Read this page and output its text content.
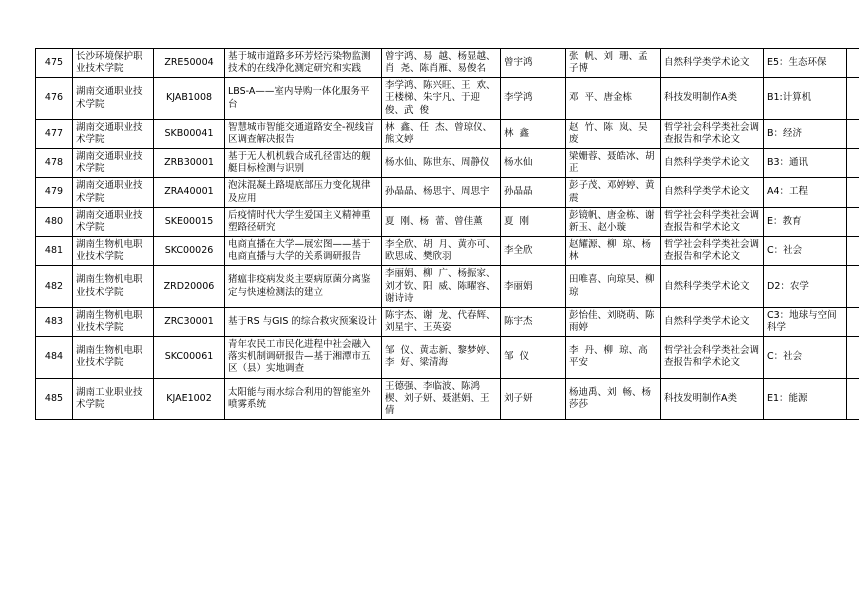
475	长沙环境保护职业技术学院	ZRE50004	基于城市道路多环芳烃污染物监测技术的在线净化测定研究和实践	曾宇鸿、易  越、杨显越、肖  尧、陈肖雁、易俊名	曾宇鸿	张  帆、刘  珊、孟子博	自然科学类学术论文	E5：生态环保	

476	湖南交通职业技术学院	KJAB1008	LBS-A——室内导购一体化服务平台	李学鸿、陈兴旺、王  欢、王楼梯、朱宇凡、于迎俊、武  俊	李学鸿	邓  平、唐金栋	科技发明制作A类	B1:计算机	

477	湖南交通职业技术学院	SKB00041	智慧城市智能交通道路安全-视线盲区调查解决报告	林  鑫、任  杰、曾琼仪、熊文婷	林  鑫	赵  竹、陈  岚、吴  废	哲学社会科学类社会调查报告和学术论文	B：经济	

478	湖南交通职业技术学院	ZRB30001	基于无人机机载合成孔径雷达的舰艇目标检测与识别	杨水仙、陈世东、周静仪	杨水仙	梁姗蓉、聂皓冰、胡  正	自然科学类学术论文	B3：通讯	

479	湖南交通职业技术学院	ZRA40001	泡沫混凝土路堤底部压力变化规律及应用	孙晶晶、杨思宇、周思宇	孙晶晶	彭子茂、邓婷婷、黄  震	自然科学类学术论文	A4：工程	

480	湖南交通职业技术学院	SKE00015	后疫情时代大学生爱国主义精神重塑路径研究	夏  刚、杨  蕾、曾佳薰	夏  刚	彭镜帆、唐金栋、谢新玉、赵小璇	哲学社会科学类社会调查报告和学术论文	E：教育	

481	湖南生物机电职业技术学院	SKC00026	电商直播在大学—展宏图——基于电商直播与大学的关系调研报告	李全欣、胡  月、黄亦可、欧思成、樊欣羽	李全欣	赵耀源、柳  琼、杨  林	哲学社会科学类社会调查报告和学术论文	C：社会	

482	湖南生物机电职业技术学院	ZRD20006	猪瘟非疫病发炎主要病原菌分离鉴定与快速检测法的建立	李丽娟、柳  广、杨振家、刘才钦、阳  威、陈曜容、谢诗诗	李丽娟	田唯喜、向琼昊、柳  琼	自然科学类学术论文	D2：农学	

483	湖南生物机电职业技术学院	ZRC30001	基于RS 与GIS 的综合救灾预案设计	陈宇杰、谢  龙、代春辉、刘星宇、王英姿	陈宇杰	彭怡佳、刘晓萌、陈雨婷	自然科学类学术论文	C3：地球与空间科学	

484	湖南生物机电职业技术学院	SKC00061	青年农民工市民化进程中社会融入落实机制调研报告—基于湘潭市五区（县）实地调查	邹  仪、黄志新、黎梦婷、李  好、梁清海	邹  仪	李  丹、柳  琼、高平安	哲学社会科学类社会调查报告和学术论文	C：社会	

485	湖南工业职业技术学院	KJAE1002	太阳能与雨水综合利用的智能室外喷雾系统	王德强、李临波、陈鸿楔、刘子妍、聂湛娟、王  倩	刘子妍	杨迪禹、刘  畅、杨莎莎	科技发明制作A类	E1：能源	
